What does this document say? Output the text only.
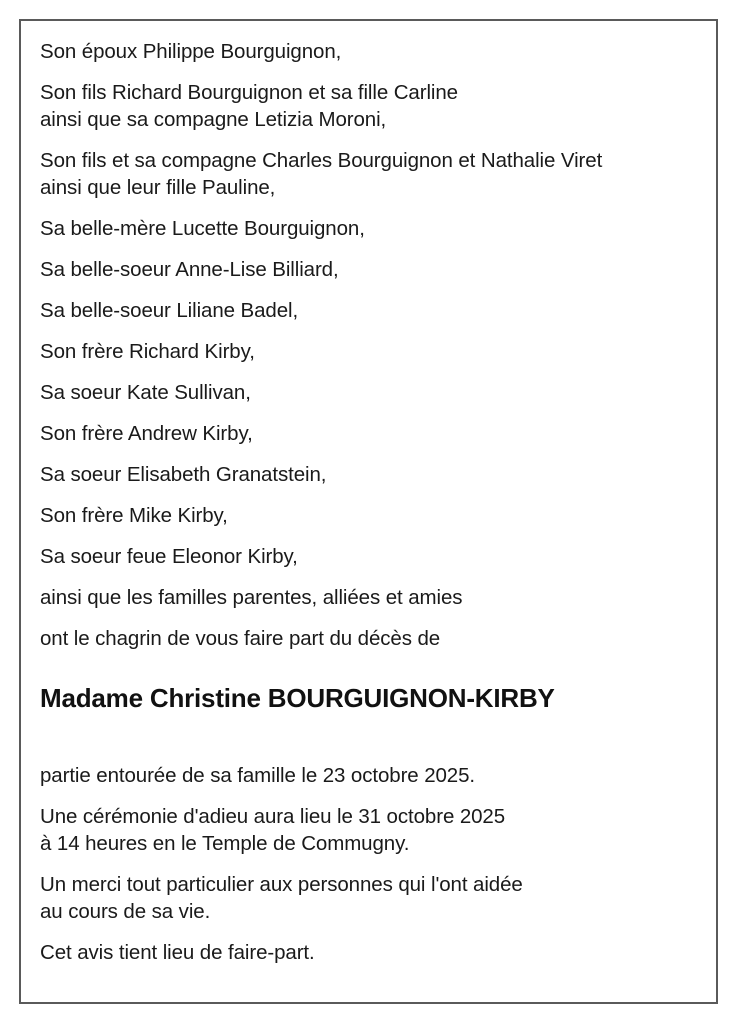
Son époux Philippe Bourguignon,
Son fils Richard Bourguignon et sa fille Carline
ainsi que sa compagne Letizia Moroni,
Son fils et sa compagne Charles Bourguignon et Nathalie Viret
ainsi que leur fille Pauline,
Sa belle-mère Lucette Bourguignon,
Sa belle-soeur Anne-Lise Billiard,
Sa belle-soeur Liliane Badel,
Son frère Richard Kirby,
Sa soeur Kate Sullivan,
Son frère Andrew Kirby,
Sa soeur Elisabeth Granatstein,
Son frère Mike Kirby,
Sa soeur feue Eleonor Kirby,
ainsi que les familles parentes, alliées et amies
ont le chagrin de vous faire part du décès de
Madame Christine BOURGUIGNON-KIRBY
partie entourée de sa famille le 23 octobre 2025.
Une cérémonie d'adieu aura lieu le 31 octobre 2025
à 14 heures en le Temple de Commugny.
Un merci tout particulier aux personnes qui l'ont aidée
au cours de sa vie.
Cet avis tient lieu de faire-part.
